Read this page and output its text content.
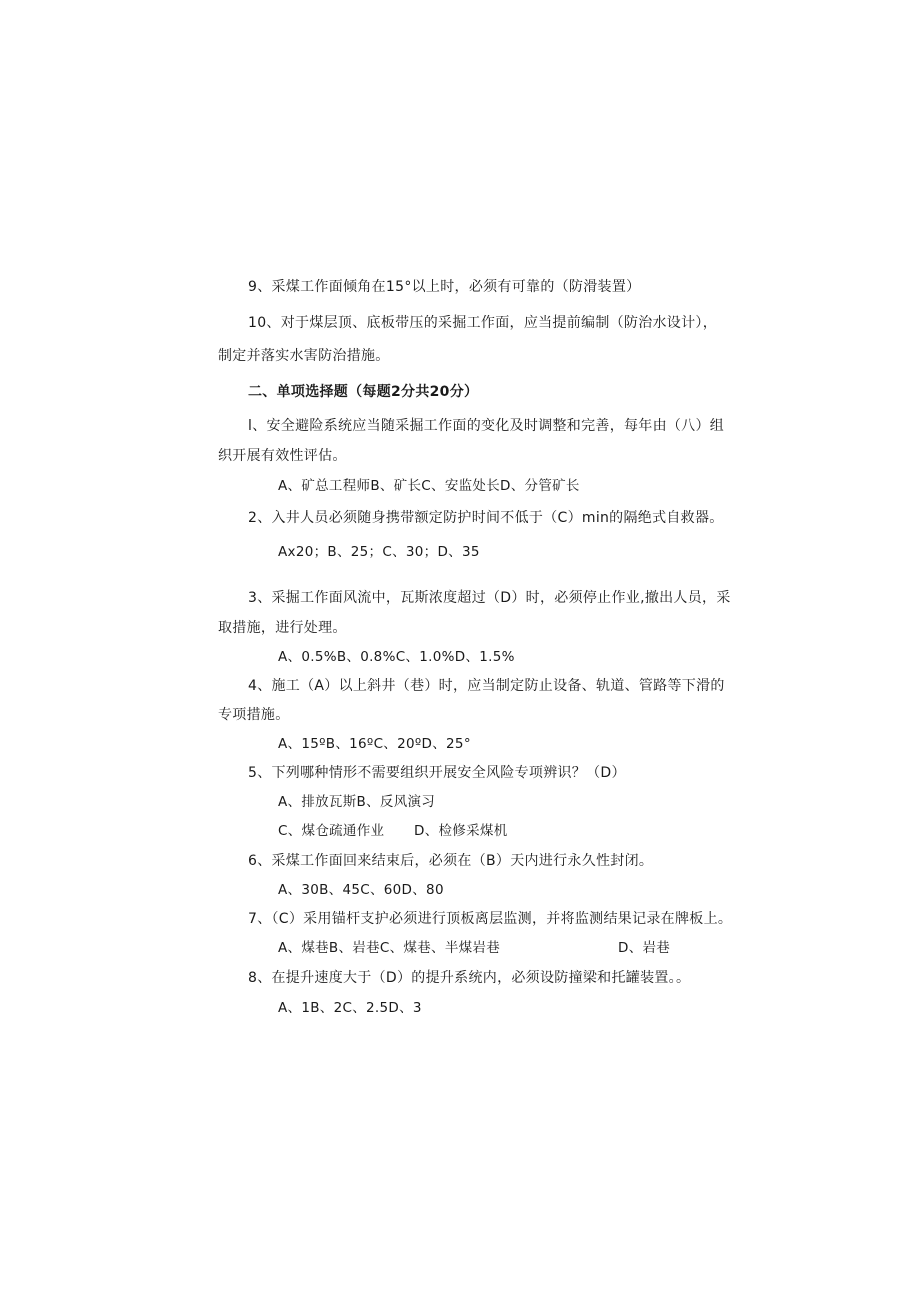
9、采煤工作面倾角在15°以上时，必须有可靠的（防滑装置）
10、对于煤层顶、底板带压的采掘工作面，应当提前编制（防治水设计），
制定并落实水害防治措施。
二、单项选择题（每题2分共20分）
l、安全避险系统应当随采掘工作面的变化及时调整和完善，每年由（八）组
织开展有效性评估。
A、矿总工程师B、矿长C、安监处长D、分管矿长
2、入井人员必须随身携带额定防护时间不低于（C）min的隔绝式自救器。
Ax20；B、25；C、30；D、35
3、采掘工作面风流中，瓦斯浓度超过（D）时，必须停止作业,撤出人员，采
取措施，进行处理。
A、0.5%B、0.8%C、1.0%D、1.5%
4、施工（A）以上斜井（巷）时，应当制定防止设备、轨道、管路等下滑的
专项措施。
A、15ºB、16ºC、20ºD、25°
5、下列哪种情形不需要组织开展安全风险专项辨识？（D）
A、排放瓦斯B、反风演习
C、煤仓疏通作业 D、检修采煤机
6、采煤工作面回来结束后，必须在（B）天内进行永久性封闭。
A、30B、45C、60D、80
7、（C）采用锚杆支护必须进行顶板离层监测，并将监测结果记录在牌板上。
A、煤巷B、岩巷C、煤巷、半煤岩巷	D、岩巷
8、在提升速度大于（D）的提升系统内，必须设防撞梁和托罐装置。。
A、1B、2C、2.5D、3
